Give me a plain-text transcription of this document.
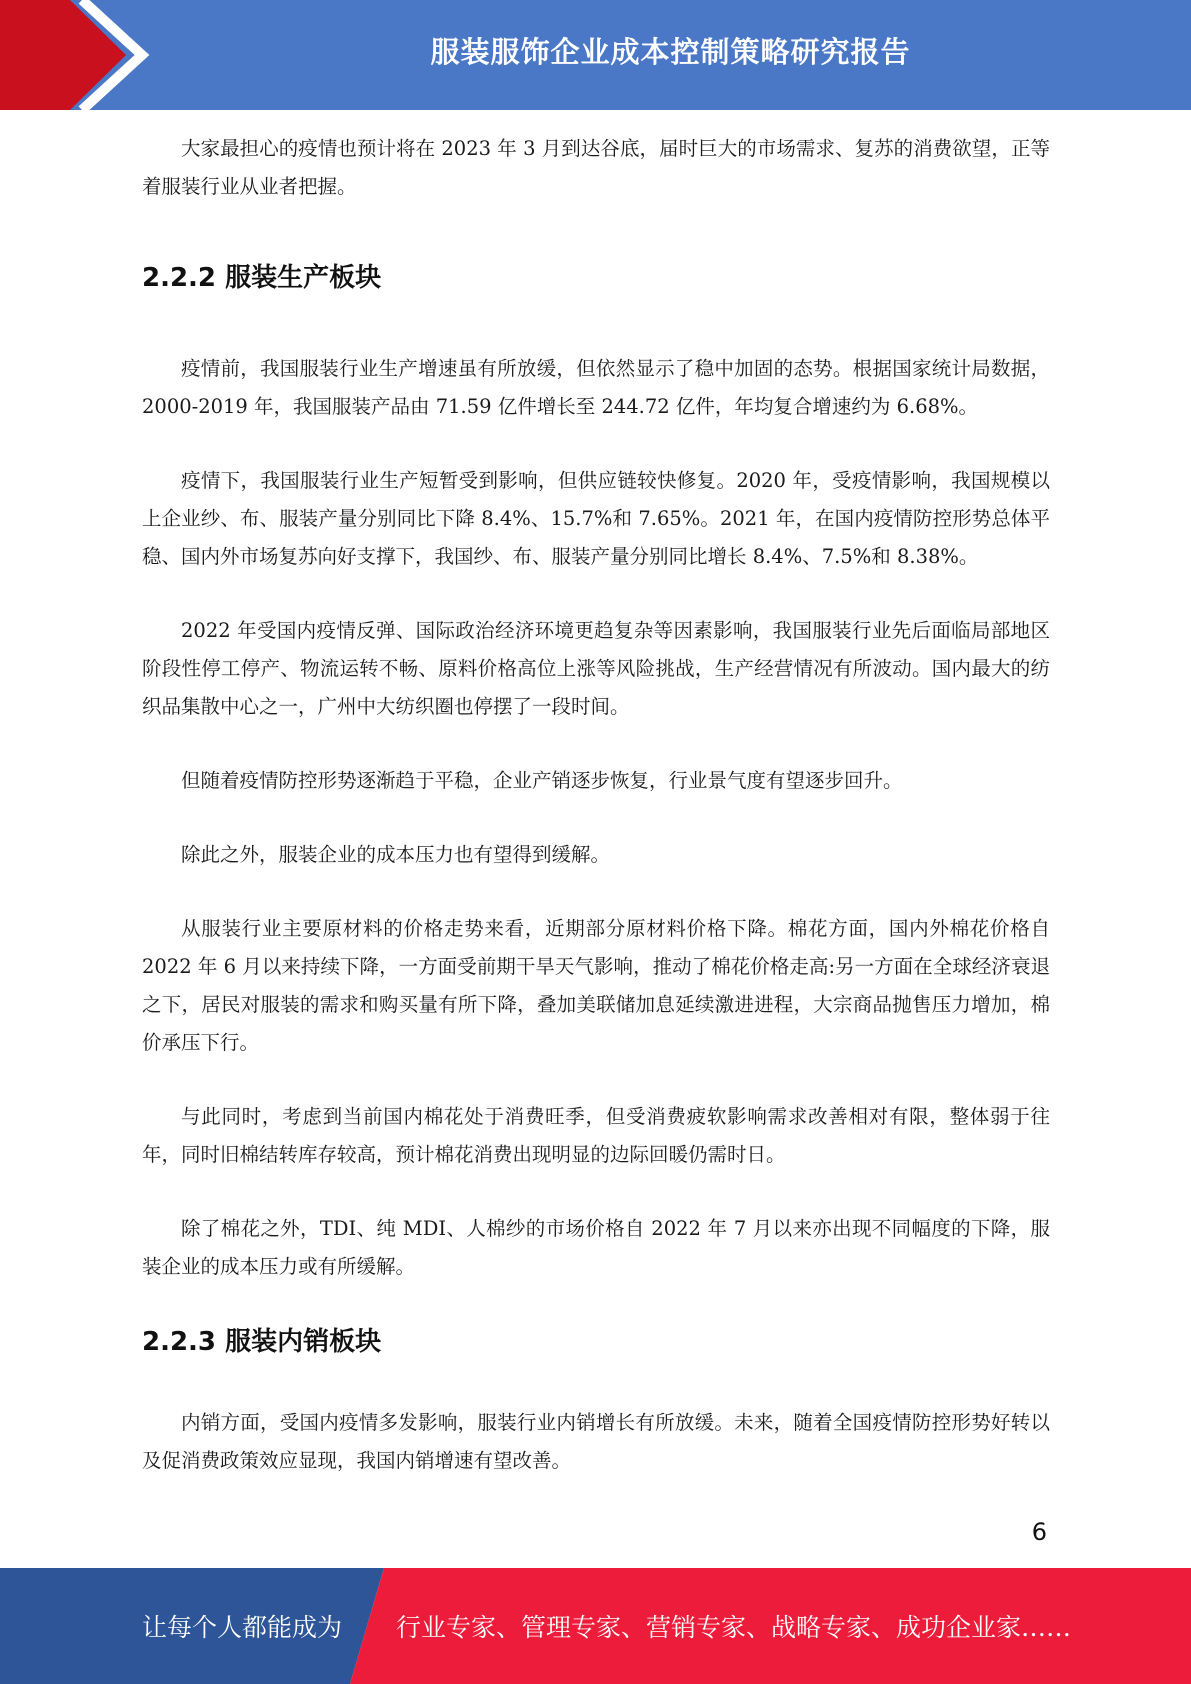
服装服饰企业成本控制策略研究报告

大家最担心的疫情也预计将在 2023 年 3 月到达谷底，届时巨大的市场需求、复苏的消费欲望，正等着服装行业从业者把握。

2.2.2 服装生产板块

疫情前，我国服装行业生产增速虽有所放缓，但依然显示了稳中加固的态势。根据国家统计局数据，2000-2019 年，我国服装产品由 71.59 亿件增长至 244.72 亿件，年均复合增速约为 6.68%。

疫情下，我国服装行业生产短暂受到影响，但供应链较快修复。2020 年，受疫情影响，我国规模以上企业纱、布、服装产量分别同比下降 8.4%、15.7%和 7.65%。2021 年，在国内疫情防控形势总体平稳、国内外市场复苏向好支撑下，我国纱、布、服装产量分别同比增长 8.4%、7.5%和 8.38%。

2022 年受国内疫情反弹、国际政治经济环境更趋复杂等因素影响，我国服装行业先后面临局部地区阶段性停工停产、物流运转不畅、原料价格高位上涨等风险挑战，生产经营情况有所波动。国内最大的纺织品集散中心之一，广州中大纺织圈也停摆了一段时间。

但随着疫情防控形势逐渐趋于平稳，企业产销逐步恢复，行业景气度有望逐步回升。

除此之外，服装企业的成本压力也有望得到缓解。

从服装行业主要原材料的价格走势来看，近期部分原材料价格下降。棉花方面，国内外棉花价格自 2022 年 6 月以来持续下降，一方面受前期干旱天气影响，推动了棉花价格走高:另一方面在全球经济衰退之下，居民对服装的需求和购买量有所下降，叠加美联储加息延续激进进程，大宗商品抛售压力增加，棉价承压下行。

与此同时，考虑到当前国内棉花处于消费旺季，但受消费疲软影响需求改善相对有限，整体弱于往年，同时旧棉结转库存较高，预计棉花消费出现明显的边际回暖仍需时日。

除了棉花之外，TDI、纯 MDI、人棉纱的市场价格自 2022 年 7 月以来亦出现不同幅度的下降，服装企业的成本压力或有所缓解。

2.2.3 服装内销板块

内销方面，受国内疫情多发影响，服装行业内销增长有所放缓。未来，随着全国疫情防控形势好转以及促消费政策效应显现，我国内销增速有望改善。

6
让每个人都能成为 行业专家、管理专家、营销专家、战略专家、成功企业家……
